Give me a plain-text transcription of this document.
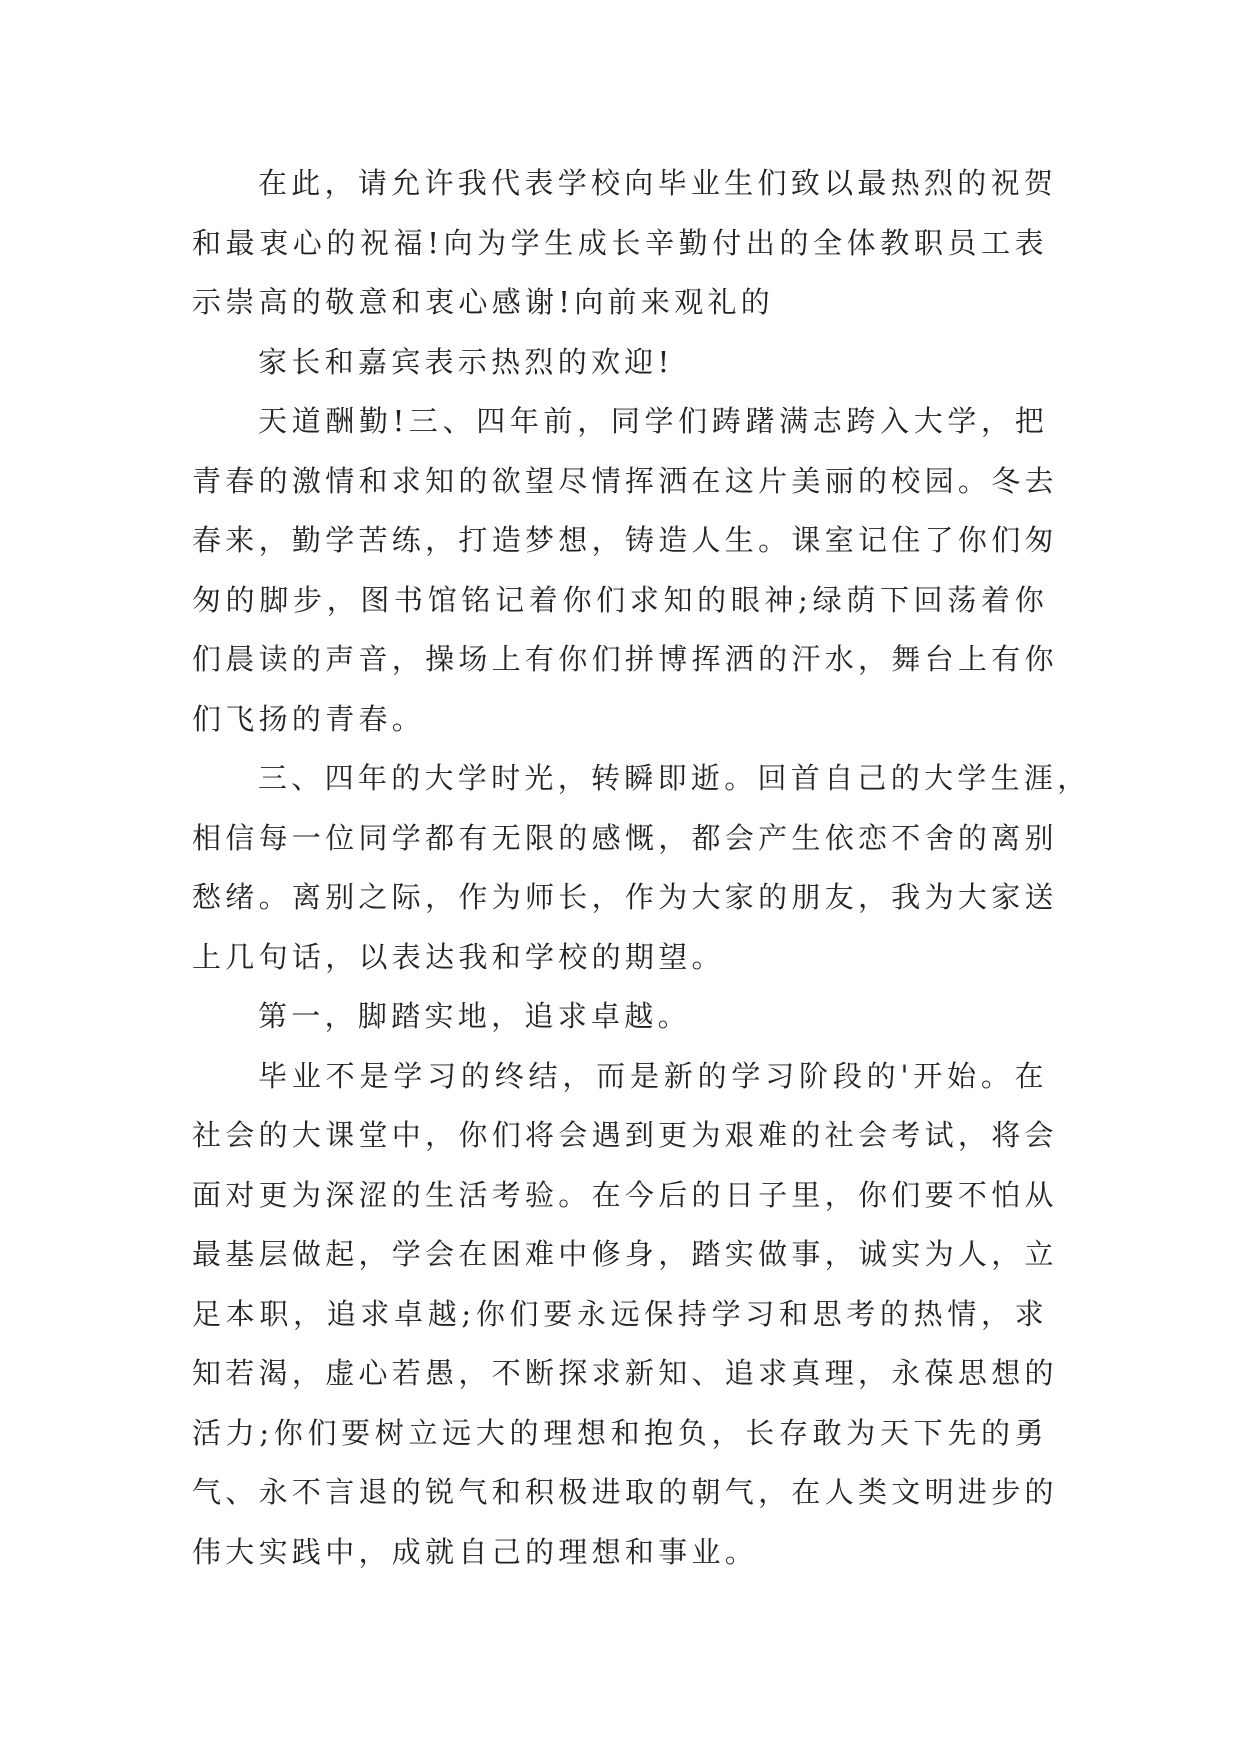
在此，请允许我代表学校向毕业生们致以最热烈的祝贺
和最衷心的祝福!向为学生成长辛勤付出的全体教职员工表
示崇高的敬意和衷心感谢!向前来观礼的
家长和嘉宾表示热烈的欢迎!
天道酬勤!三、四年前，同学们踌躇满志跨入大学，把
青春的激情和求知的欲望尽情挥洒在这片美丽的校园。冬去
春来，勤学苦练，打造梦想，铸造人生。课室记住了你们匆
匆的脚步，图书馆铭记着你们求知的眼神;绿荫下回荡着你
们晨读的声音，操场上有你们拼博挥洒的汗水，舞台上有你
们飞扬的青春。
三、四年的大学时光，转瞬即逝。回首自己的大学生涯，
相信每一位同学都有无限的感慨，都会产生依恋不舍的离别
愁绪。离别之际，作为师长，作为大家的朋友，我为大家送
上几句话，以表达我和学校的期望。
第一，脚踏实地，追求卓越。
毕业不是学习的终结，而是新的学习阶段的'开始。在
社会的大课堂中，你们将会遇到更为艰难的社会考试，将会
面对更为深涩的生活考验。在今后的日子里，你们要不怕从
最基层做起，学会在困难中修身，踏实做事，诚实为人，立
足本职，追求卓越;你们要永远保持学习和思考的热情，求
知若渴，虚心若愚，不断探求新知、追求真理，永葆思想的
活力;你们要树立远大的理想和抱负，长存敢为天下先的勇
气、永不言退的锐气和积极进取的朝气，在人类文明进步的
伟大实践中，成就自己的理想和事业。
